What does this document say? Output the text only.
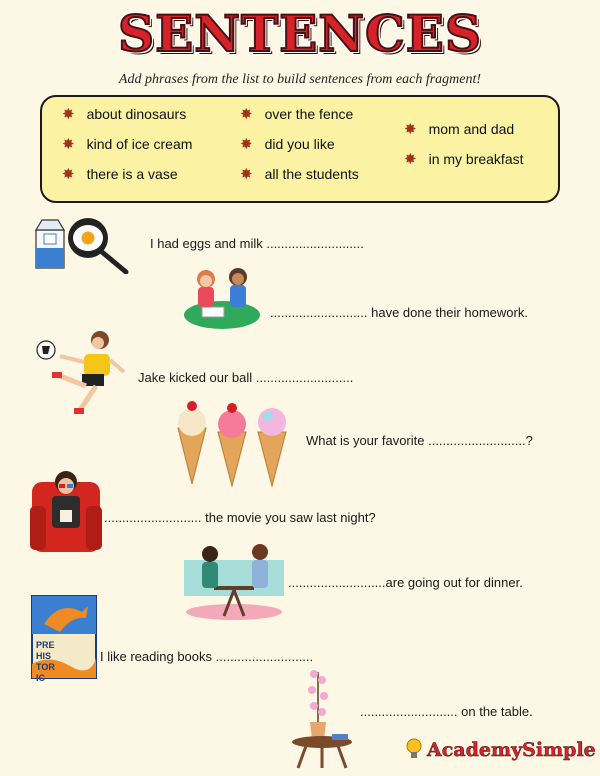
SENTENCES
Add phrases from the list to build sentences from each fragment!
✸ about dinosaurs
✸ kind of ice cream
✸ there is a vase
✸ over the fence
✸ did you like
✸ all the students
✸ mom and dad
✸ in my breakfast
I had eggs and milk ...........................
........................... have done their homework.
Jake kicked our ball ...........................
What is your favorite ...........................?
........................... the movie you saw last night?
...........................are going out for dinner.
PRE
HIS
TOR
IC
I like reading books ...........................
........................... on the table.
AcademySimple
